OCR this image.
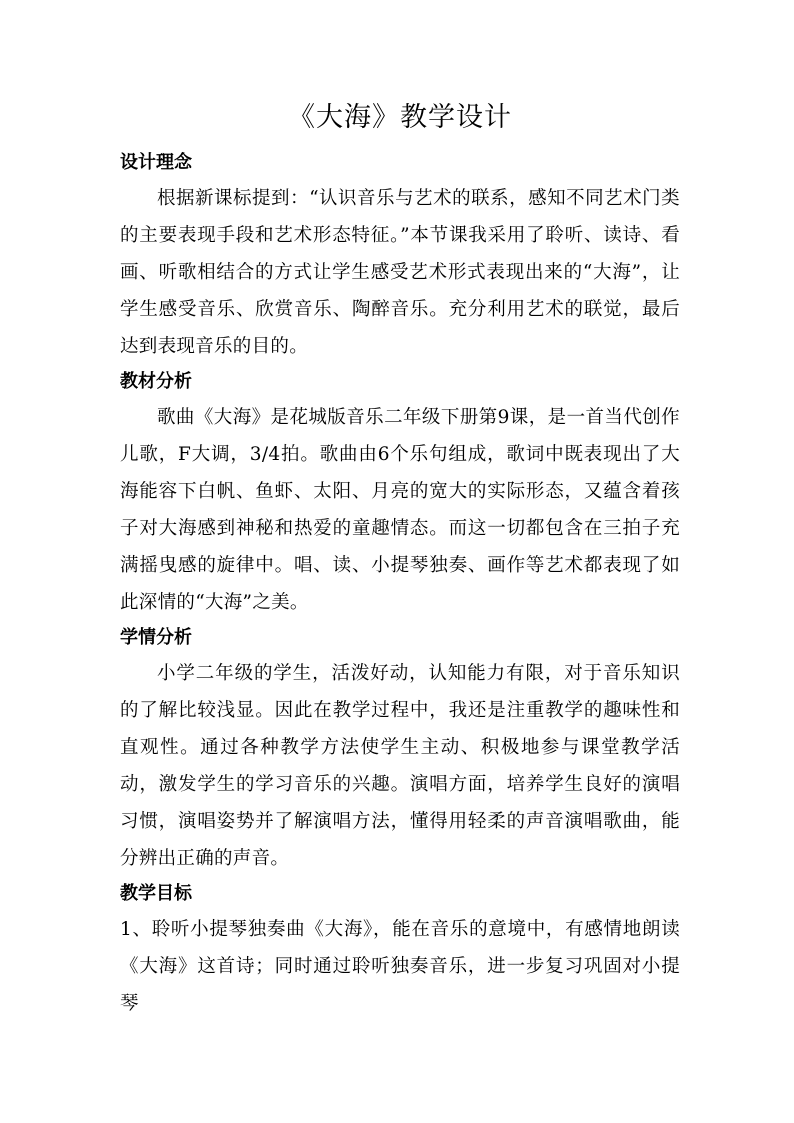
《大海》教学设计
设计理念

根据新课标提到：“认识音乐与艺术的联系，感知不同艺术门类的主要表现手段和艺术形态特征。”本节课我采用了聆听、读诗、看画、听歌相结合的方式让学生感受艺术形式表现出来的“大海”，让学生感受音乐、欣赏音乐、陶醉音乐。充分利用艺术的联觉，最后达到表现音乐的目的。

教材分析

歌曲《大海》是花城版音乐二年级下册第9课，是一首当代创作儿歌，F大调，3/4拍。歌曲由6个乐句组成，歌词中既表现出了大海能容下白帆、鱼虾、太阳、月亮的宽大的实际形态，又蕴含着孩子对大海感到神秘和热爱的童趣情态。而这一切都包含在三拍子充满摇曳感的旋律中。唱、读、小提琴独奏、画作等艺术都表现了如此深情的“大海”之美。

学情分析

小学二年级的学生，活泼好动，认知能力有限，对于音乐知识的了解比较浅显。因此在教学过程中，我还是注重教学的趣味性和直观性。通过各种教学方法使学生主动、积极地参与课堂教学活动，激发学生的学习音乐的兴趣。演唱方面，培养学生良好的演唱习惯，演唱姿势并了解演唱方法，懂得用轻柔的声音演唱歌曲，能分辨出正确的声音。

教学目标

1、聆听小提琴独奏曲《大海》，能在音乐的意境中，有感情地朗读《大海》这首诗；同时通过聆听独奏音乐，进一步复习巩固对小提琴
